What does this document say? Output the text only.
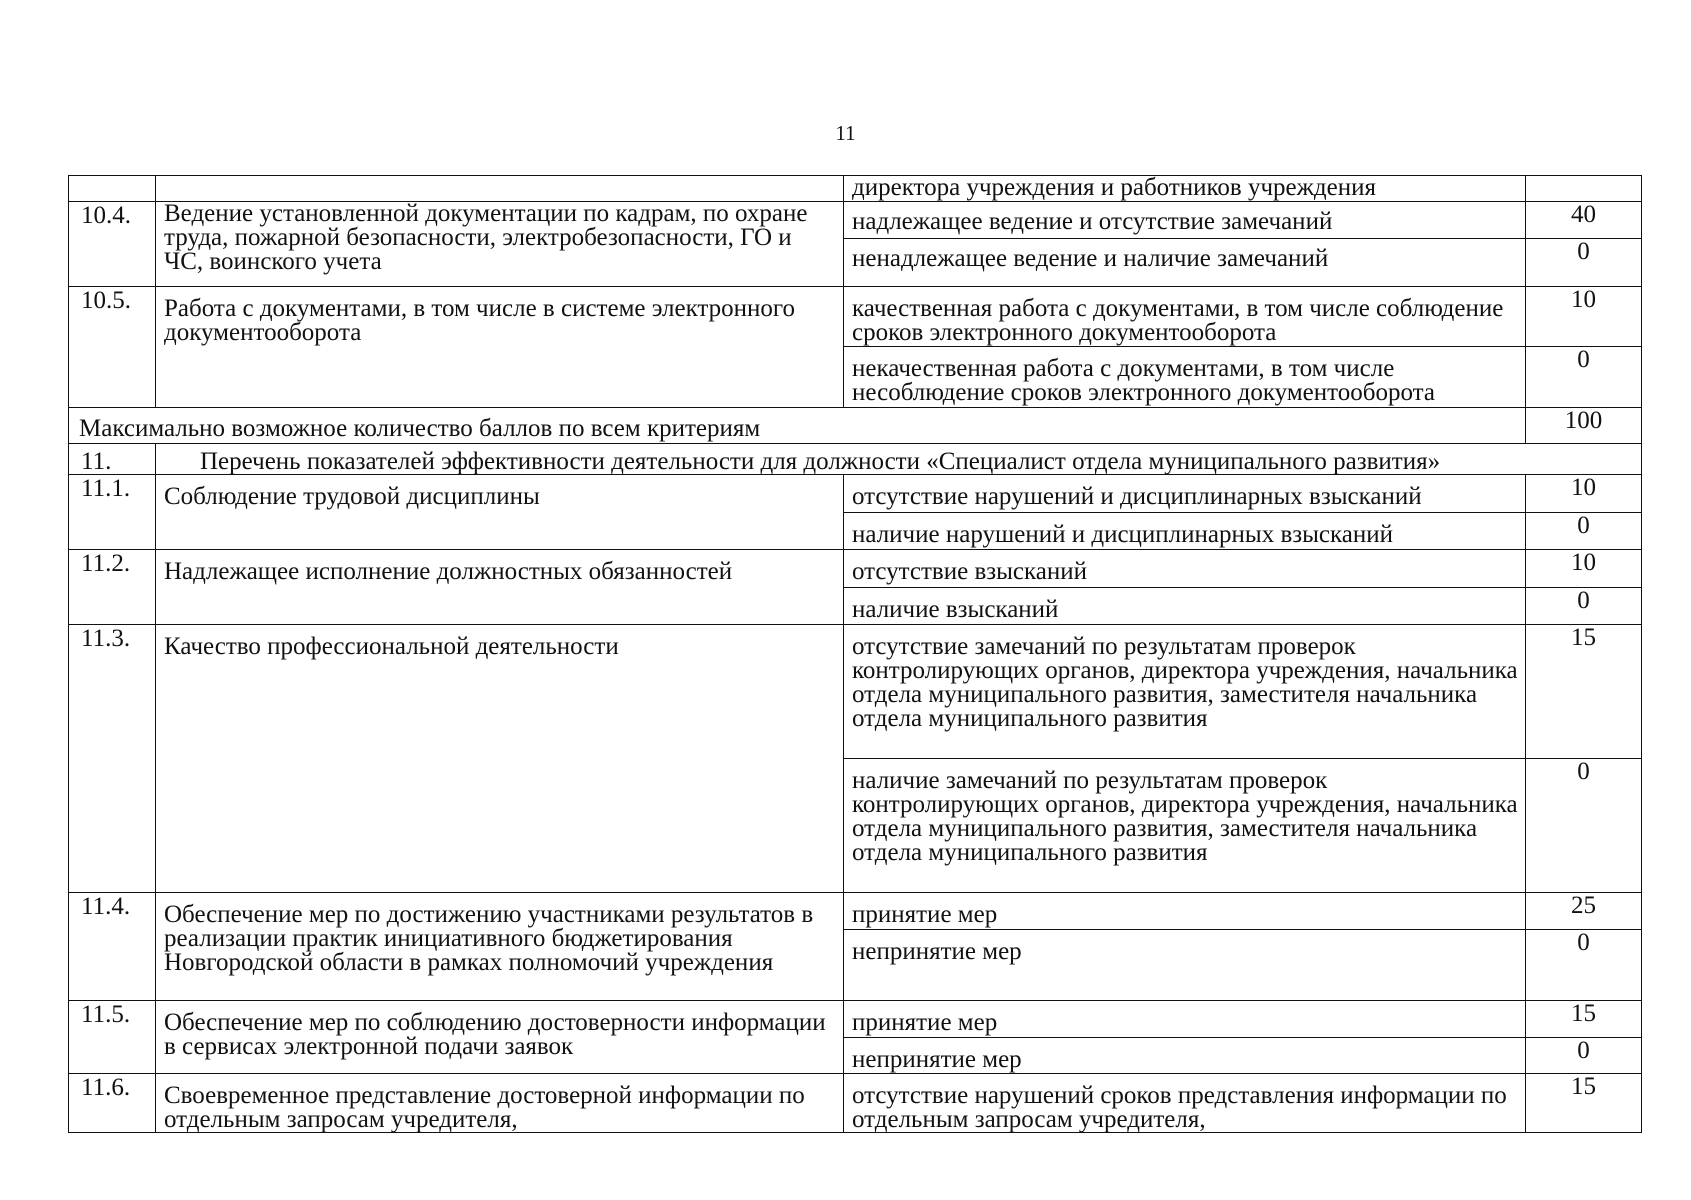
11
		директора учреждения и работников учреждения	
10.4.	Ведение установленной документации по кадрам, по охране труда, пожарной безопасности, электробезопасности, ГО и ЧС, воинского учета	надлежащее ведение и отсутствие замечаний	40
		ненадлежащее ведение и наличие замечаний	0
10.5.	Работа с документами, в том числе в системе электронного документооборота	качественная работа с документами, в том числе соблюдение сроков электронного документооборота	10
		некачественная работа с документами, в том числе несоблюдение сроков электронного документооборота	0
Максимально возможное количество баллов по всем критериям			100
11.	Перечень показателей эффективности деятельности для должности «Специалист отдела муниципального развития»		
11.1.	Соблюдение трудовой дисциплины	отсутствие нарушений и дисциплинарных взысканий	10
		наличие нарушений и дисциплинарных взысканий	0
11.2.	Надлежащее исполнение должностных обязанностей	отсутствие взысканий	10
		наличие взысканий	0
11.3.	Качество профессиональной деятельности	отсутствие замечаний по результатам проверок контролирующих органов, директора учреждения, начальника отдела муниципального развития, заместителя начальника отдела муниципального развития	15
		наличие замечаний по результатам проверок контролирующих органов, директора учреждения, начальника отдела муниципального развития, заместителя начальника отдела муниципального развития	0
11.4.	Обеспечение мер по достижению участниками результатов в реализации практик инициативного бюджетирования Новгородской области в рамках полномочий учреждения	принятие мер	25
		непринятие мер	0
11.5.	Обеспечение мер по соблюдению достоверности информации в сервисах электронной подачи заявок	принятие мер	15
		непринятие мер	0
11.6.	Своевременное представление достоверной информации по отдельным запросам учредителя,	отсутствие нарушений сроков представления информации по отдельным запросам учредителя,	15
